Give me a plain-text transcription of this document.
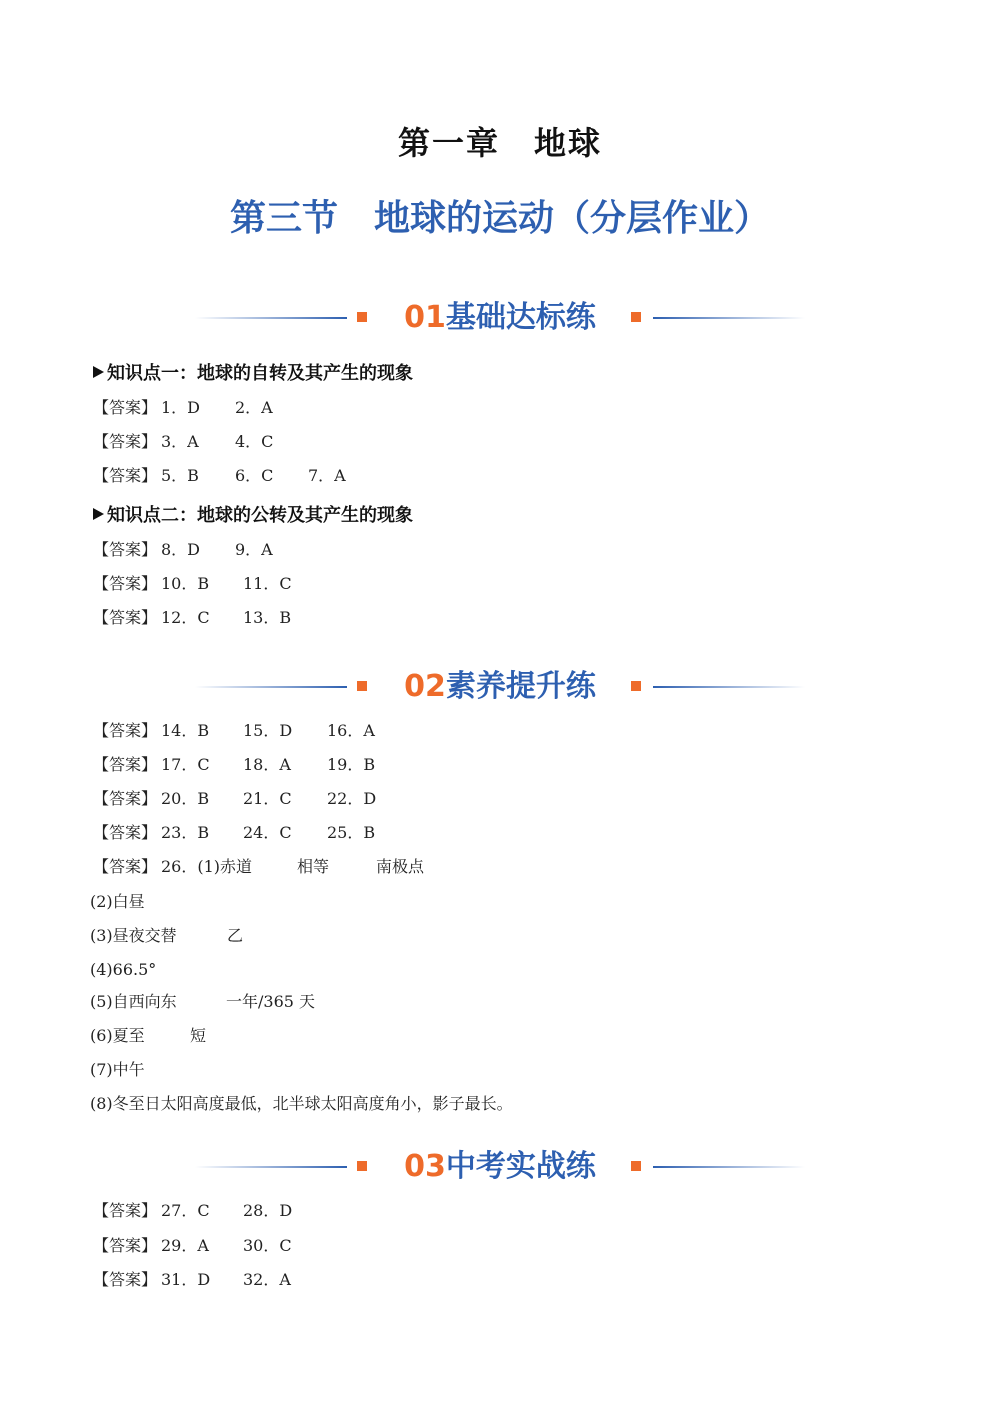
第一章　地球
第三节　地球的运动（分层作业）
01基础达标练
知识点一：地球的自转及其产生的现象
【答案】 1．D 2．A
【答案】 3．A 4．C
【答案】 5．B 6．C 7．A
知识点二：地球的公转及其产生的现象
【答案】 8．D 9．A
【答案】 10．B 11．C
【答案】 12．C 13．B
02素养提升练
【答案】 14．B 15．D 16．A
【答案】 17．C 18．A 19．B
【答案】 20．B 21．C 22．D
【答案】 23．B 24．C 25．B
【答案】 26．(1)赤道	相等	南极点
(2)白昼
(3)昼夜交替	乙
(4)66.5°
(5)自西向东	一年/365 天
(6)夏至	短
(7)中午
(8)冬至日太阳高度最低，北半球太阳高度角小，影子最长。
03中考实战练
【答案】 27．C 28．D
【答案】 29．A 30．C
【答案】 31．D 32．A
